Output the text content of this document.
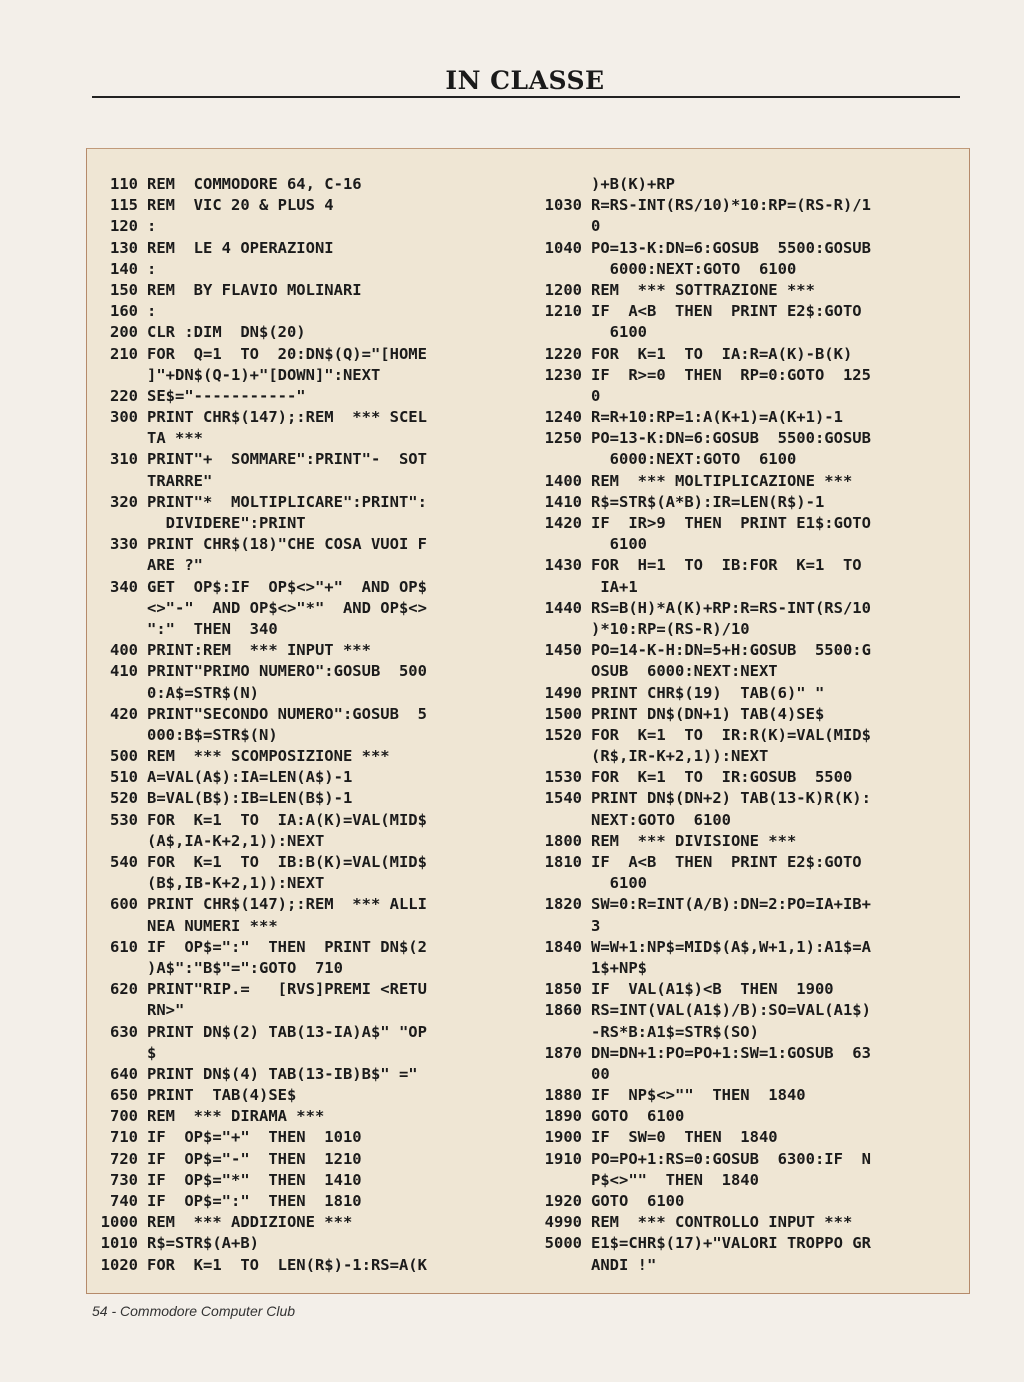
IN CLASSE
110 REM  COMMODORE 64, C-16
115 REM  VIC 20 & PLUS 4
120 :
130 REM  LE 4 OPERAZIONI
140 :
150 REM  BY FLAVIO MOLINARI
160 :
200 CLR :DIM  DN$(20)
210 FOR  Q=1  TO  20:DN$(Q)="[HOME
]"+DN$(Q-1)+"[DOWN]":NEXT
220 SE$="-----------"
300 PRINT CHR$(147);:REM  *** SCEL
TA ***
310 PRINT"+  SOMMARE":PRINT"-  SOT
TRARRE"
320 PRINT"*  MOLTIPLICARE":PRINT":
DIVIDERE":PRINT
330 PRINT CHR$(18)"CHE COSA VUOI F
ARE ?"
340 GET  OP$:IF  OP$<>"+"  AND OP$
<>"-"  AND OP$<>"*"  AND OP$<>
":"  THEN  340
400 PRINT:REM  *** INPUT ***
410 PRINT"PRIMO NUMERO":GOSUB  500
0:A$=STR$(N)
420 PRINT"SECONDO NUMERO":GOSUB  5
000:B$=STR$(N)
500 REM  *** SCOMPOSIZIONE ***
510 A=VAL(A$):IA=LEN(A$)-1
520 B=VAL(B$):IB=LEN(B$)-1
530 FOR  K=1  TO  IA:A(K)=VAL(MID$
(A$,IA-K+2,1)):NEXT
540 FOR  K=1  TO  IB:B(K)=VAL(MID$
(B$,IB-K+2,1)):NEXT
600 PRINT CHR$(147);:REM  *** ALLI
NEA NUMERI ***
610 IF  OP$=":"  THEN  PRINT DN$(2
)A$":"B$"=":GOTO  710
620 PRINT"RIP.=   [RVS]PREMI <RETU
RN>"
630 PRINT DN$(2) TAB(13-IA)A$" "OP
$
640 PRINT DN$(4) TAB(13-IB)B$" ="
650 PRINT  TAB(4)SE$
700 REM  *** DIRAMA ***
710 IF  OP$="+"  THEN  1010
720 IF  OP$="-"  THEN  1210
730 IF  OP$="*"  THEN  1410
740 IF  OP$=":"  THEN  1810
1000 REM  *** ADDIZIONE ***
1010 R$=STR$(A+B)
1020 FOR  K=1  TO  LEN(R$)-1:RS=A(K
)+B(K)+RP
1030 R=RS-INT(RS/10)*10:RP=(RS-R)/1
0
1040 PO=13-K:DN=6:GOSUB  5500:GOSUB
6000:NEXT:GOTO  6100
1200 REM  *** SOTTRAZIONE ***
1210 IF  A<B  THEN  PRINT E2$:GOTO
6100
1220 FOR  K=1  TO  IA:R=A(K)-B(K)
1230 IF  R>=0  THEN  RP=0:GOTO  125
0
1240 R=R+10:RP=1:A(K+1)=A(K+1)-1
1250 PO=13-K:DN=6:GOSUB  5500:GOSUB
6000:NEXT:GOTO  6100
1400 REM  *** MOLTIPLICAZIONE ***
1410 R$=STR$(A*B):IR=LEN(R$)-1
1420 IF  IR>9  THEN  PRINT E1$:GOTO
6100
1430 FOR  H=1  TO  IB:FOR  K=1  TO
IA+1
1440 RS=B(H)*A(K)+RP:R=RS-INT(RS/10
)*10:RP=(RS-R)/10
1450 PO=14-K-H:DN=5+H:GOSUB  5500:G
OSUB  6000:NEXT:NEXT
1490 PRINT CHR$(19)  TAB(6)" "
1500 PRINT DN$(DN+1) TAB(4)SE$
1520 FOR  K=1  TO  IR:R(K)=VAL(MID$
(R$,IR-K+2,1)):NEXT
1530 FOR  K=1  TO  IR:GOSUB  5500
1540 PRINT DN$(DN+2) TAB(13-K)R(K):
NEXT:GOTO  6100
1800 REM  *** DIVISIONE ***
1810 IF  A<B  THEN  PRINT E2$:GOTO
6100
1820 SW=0:R=INT(A/B):DN=2:PO=IA+IB+
3
1840 W=W+1:NP$=MID$(A$,W+1,1):A1$=A
1$+NP$
1850 IF  VAL(A1$)<B  THEN  1900
1860 RS=INT(VAL(A1$)/B):SO=VAL(A1$)
-RS*B:A1$=STR$(SO)
1870 DN=DN+1:PO=PO+1:SW=1:GOSUB  63
00
1880 IF  NP$<>""  THEN  1840
1890 GOTO  6100
1900 IF  SW=0  THEN  1840
1910 PO=PO+1:RS=0:GOSUB  6300:IF  N
P$<>""  THEN  1840
1920 GOTO  6100
4990 REM  *** CONTROLLO INPUT ***
5000 E1$=CHR$(17)+"VALORI TROPPO GR
ANDI !"
54 - Commodore Computer Club
